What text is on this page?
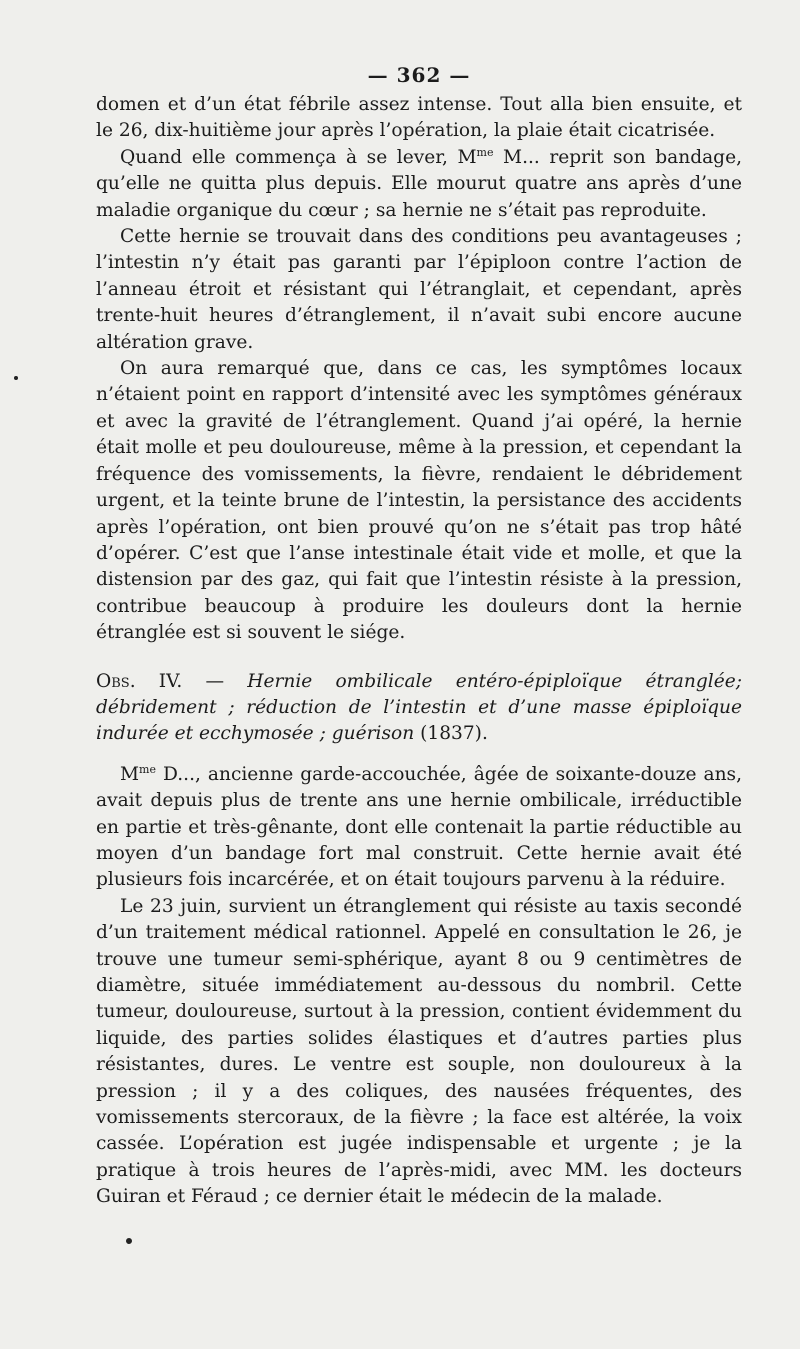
— 362 —

domen et d’un état fébrile assez intense. Tout alla bien ensuite, et le 26, dix-huitième jour après l’opération, la plaie était cicatrisée.

Quand elle commença à se lever, $M^{me}$ M... reprit son bandage, qu’elle ne quitta plus depuis. Elle mourut quatre ans après d’une maladie organique du cœur ; sa hernie ne s’était pas reproduite.

Cette hernie se trouvait dans des conditions peu avantageuses ; l’intestin n’y était pas garanti par l’épiploon contre l’action de l’anneau étroit et résistant qui l’étranglait, et cependant, après trente-huit heures d’étranglement, il n’avait subi encore aucune altération grave.

On aura remarqué que, dans ce cas, les symptômes locaux n’étaient point en rapport d’intensité avec les symptômes généraux et avec la gravité de l’étranglement. Quand j’ai opéré, la hernie était molle et peu douloureuse, même à la pression, et cependant la fréquence des vomissements, la fièvre, rendaient le débridement urgent, et la teinte brune de l’intestin, la persistance des accidents après l’opération, ont bien prouvé qu’on ne s’était pas trop hâté d’opérer. C’est que l’anse intestinale était vide et molle, et que la distension par des gaz, qui fait que l’intestin résiste à la pression, contribue beaucoup à produire les douleurs dont la hernie étranglée est si souvent le siége.

Obs. IV. — Hernie ombilicale entéro-épiploïque étranglée; débridement ; réduction de l’intestin et d’une masse épiploïque indurée et ecchymosée ; guérison (1837).

$M^{me}$ D..., ancienne garde-accouchée, âgée de soixante-douze ans, avait depuis plus de trente ans une hernie ombilicale, irréductible en partie et très-gênante, dont elle contenait la partie réductible au moyen d’un bandage fort mal construit. Cette hernie avait été plusieurs fois incarcérée, et on était toujours parvenu à la réduire.

Le 23 juin, survient un étranglement qui résiste au taxis secondé d’un traitement médical rationnel. Appelé en consultation le 26, je trouve une tumeur semi-sphérique, ayant 8 ou 9 centimètres de diamètre, située immédiatement au-dessous du nombril. Cette tumeur, douloureuse, surtout à la pression, contient évidemment du liquide, des parties solides élastiques et d’autres parties plus résistantes, dures. Le ventre est souple, non douloureux à la pression ; il y a des coliques, des nausées fréquentes, des vomissements stercoraux, de la fièvre ; la face est altérée, la voix cassée. L’opération est jugée indispensable et urgente ; je la pratique à trois heures de l’après-midi, avec MM. les docteurs Guiran et Féraud ; ce dernier était le médecin de la malade.
